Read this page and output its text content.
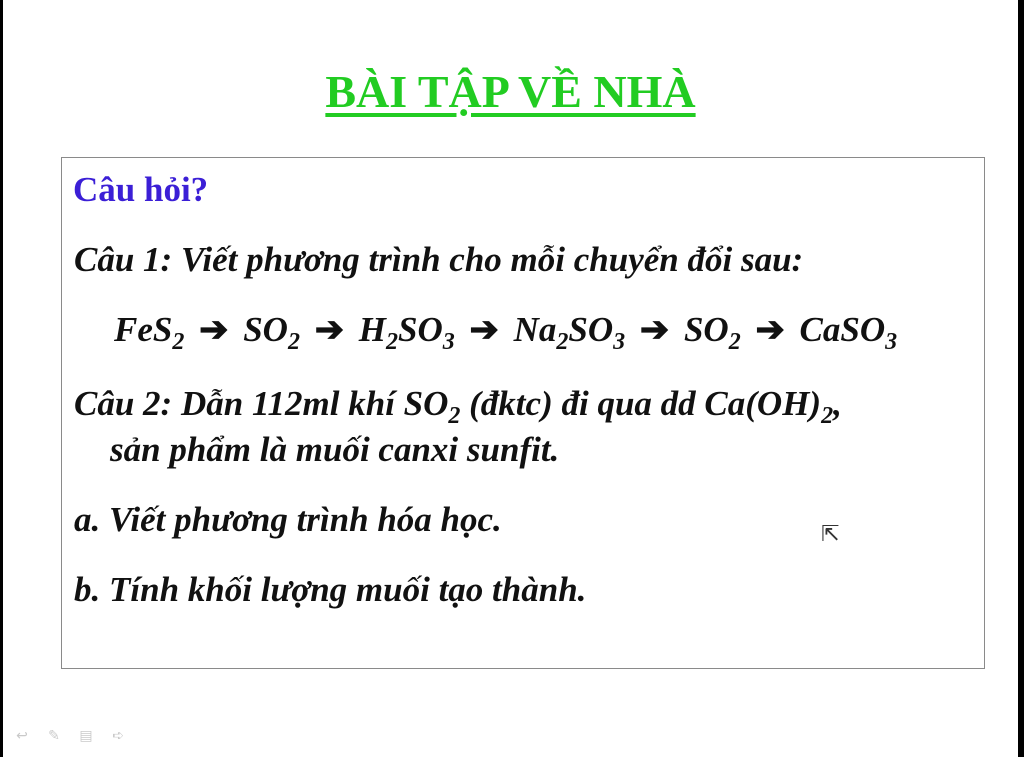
BÀI TẬP VỀ NHÀ
Câu hỏi?
Câu 1: Viết phương trình cho mỗi chuyển đổi sau:
FeS$_2$ ➔ $SO_2$ ➔ $H_2SO_3$ ➔ $Na_2SO_3$ ➔ $SO_2$ ➔ CaSO$_3$
Câu 2: Dẫn 112ml khí $SO_2$ (đktc) đi qua dd $Ca(OH)_2$,
sản phẩm là muối canxi sunfit.
a. Viết phương trình hóa học.
b. Tính khối lượng muối tạo thành.
⇱
↩	✎	▤	➪
